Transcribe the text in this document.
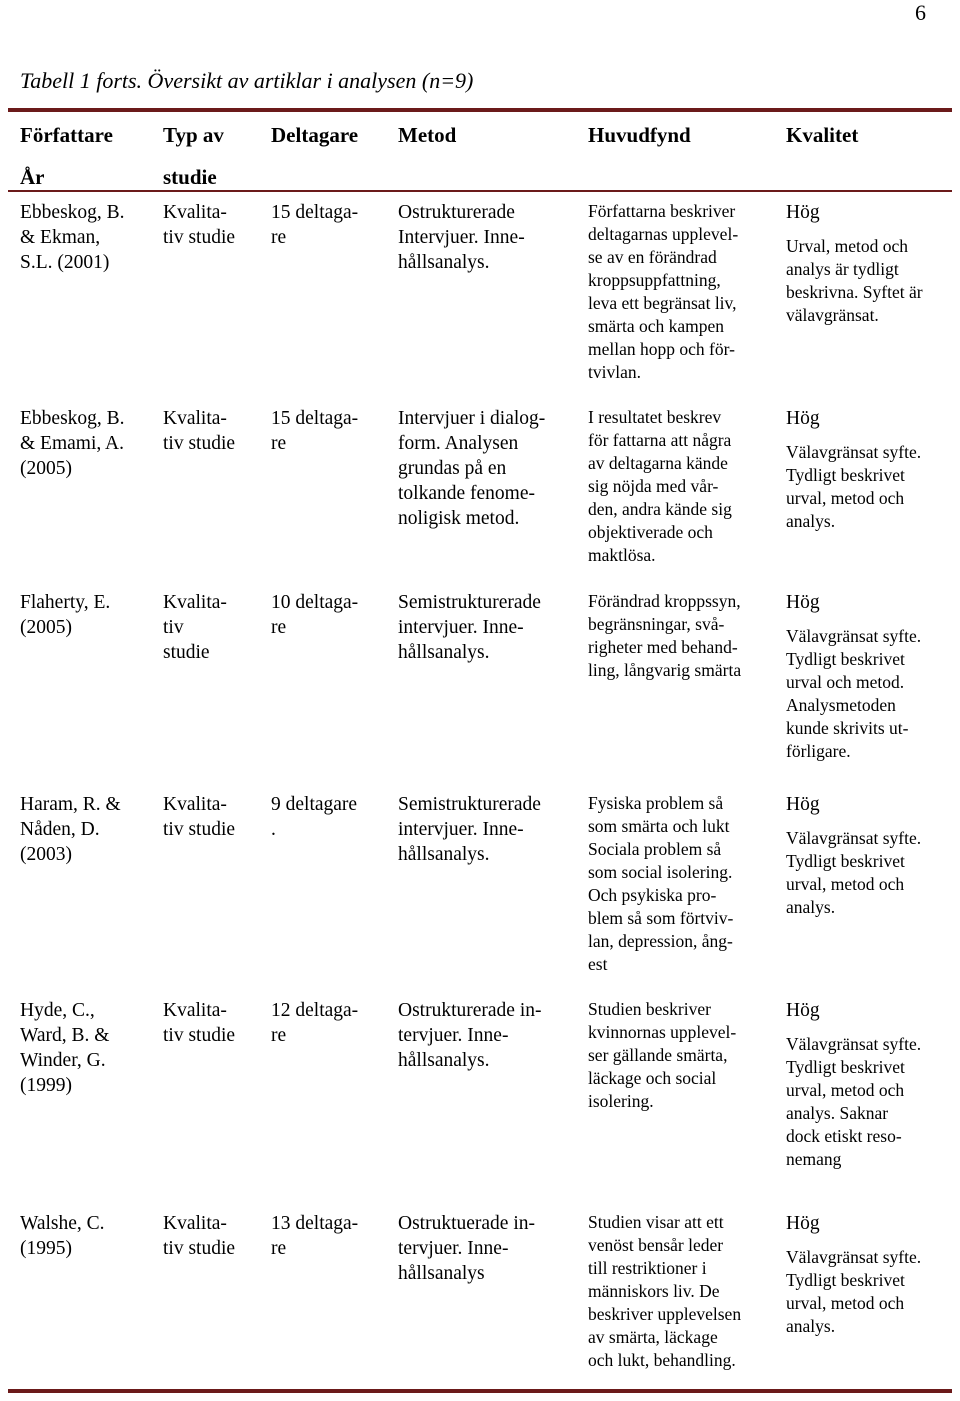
6
Tabell 1 forts. Översikt av artiklar i analysen (n=9)
Författare
År
Typ av
studie
Deltagare Metod	Huvudfynd	Kvalitet
Ebbeskog, B.
& Ekman,
S.L. (2001)
Kvalita-
tiv studie
15 deltaga-
re
Ostrukturerade
Intervjuer. Inne-
hållsanalys.
Författarna beskriver
deltagarnas upplevel-
se av en förändrad
kroppsuppfattning,
leva ett begränsat liv,
smärta och kampen
mellan hopp och för-
tvivlan.
Hög
Urval, metod och
analys är tydligt
beskrivna. Syftet är
välavgränsat.
Ebbeskog, B.
& Emami, A.
(2005)
Kvalita-
tiv studie
15 deltaga-
re
Intervjuer i dialog-
form. Analysen
grundas på en
tolkande fenome-
noligisk metod.
I resultatet beskrev
för fattarna att några
av deltagarna kände
sig nöjda med vår-
den, andra kände sig
objektiverade och
maktlösa.
Hög
Välavgränsat syfte.
Tydligt beskrivet
urval, metod och
analys.
Flaherty, E.
(2005)
Kvalita-
tiv
studie
10 deltaga-
re
Semistrukturerade
intervjuer. Inne-
hållsanalys.
Förändrad kroppssyn,
begränsningar, svå-
righeter med behand-
ling, långvarig smärta
Hög
Välavgränsat syfte.
Tydligt beskrivet
urval och metod.
Analysmetoden
kunde skrivits ut-
förligare.
Haram, R. &
Nåden, D.
(2003)
Kvalita-
tiv studie
9 deltagare
.
Semistrukturerade
intervjuer. Inne-
hållsanalys.
Fysiska problem så
som smärta och lukt
Sociala problem så
som social isolering.
Och psykiska pro-
blem så som förtviv-
lan, depression, ång-
est
Hög
Välavgränsat syfte.
Tydligt beskrivet
urval, metod och
analys.
Hyde, C.,
Ward, B. &
Winder, G.
(1999)
Kvalita-
tiv studie
12 deltaga-
re
Ostrukturerade in-
tervjuer. Inne-
hållsanalys.
Studien beskriver
kvinnornas upplevel-
ser gällande smärta,
läckage och social
isolering.
Hög
Välavgränsat syfte.
Tydligt beskrivet
urval, metod och
analys. Saknar
dock etiskt reso-
nemang
Walshe, C.
(1995)
Kvalita-
tiv studie
13 deltaga-
re
Ostruktuerade in-
tervjuer. Inne-
hållsanalys
Studien visar att ett
venöst bensår leder
till restriktioner i
människors liv. De
beskriver upplevelsen
av smärta, läckage
och lukt, behandling.
Hög
Välavgränsat syfte.
Tydligt beskrivet
urval, metod och
analys.
